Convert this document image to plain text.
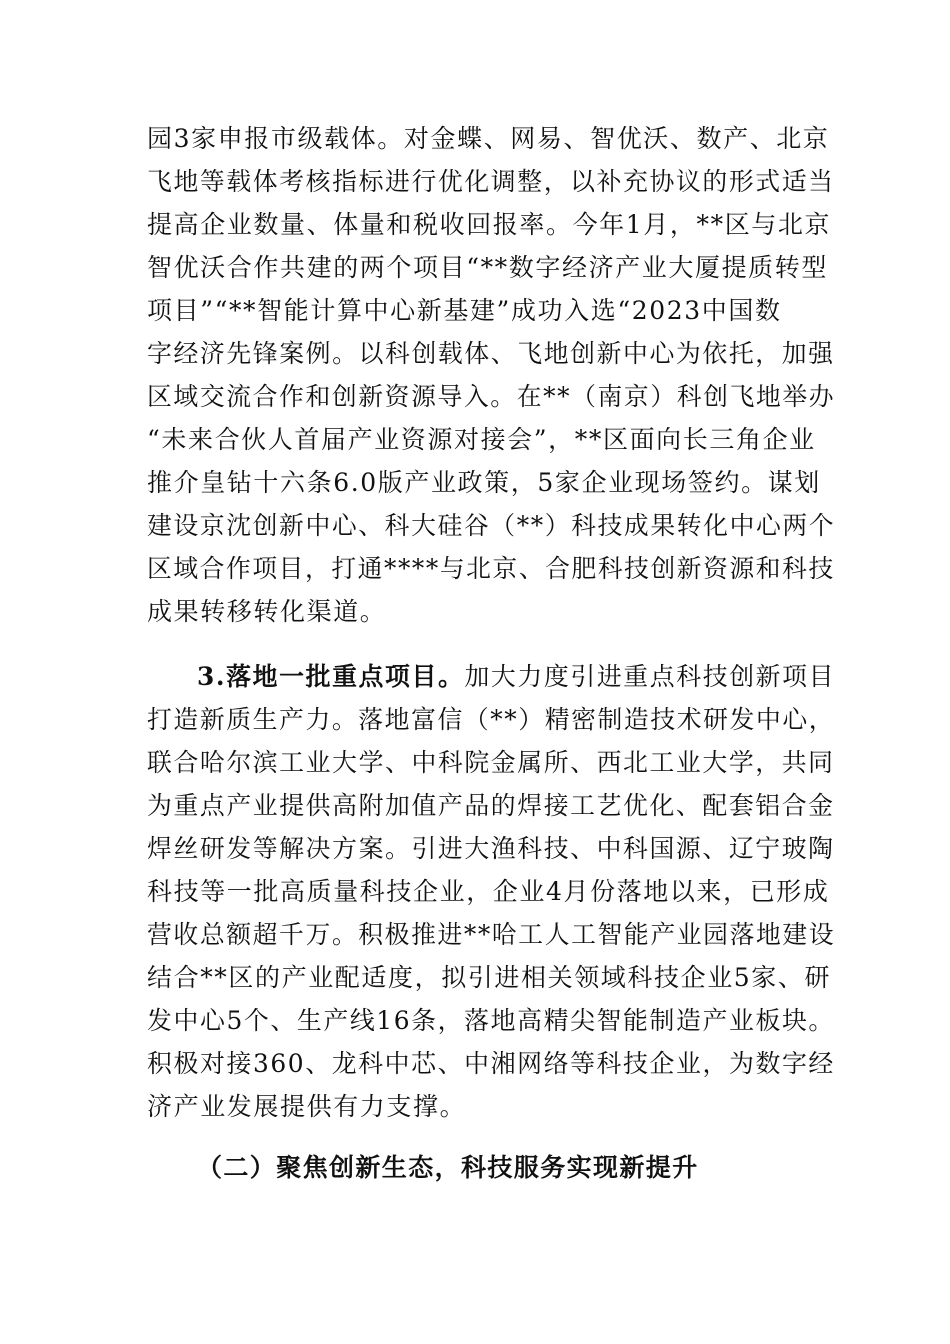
园3家申报市级载体。对金蝶、网易、智优沃、数产、北京
飞地等载体考核指标进行优化调整，以补充协议的形式适当
提高企业数量、体量和税收回报率。今年1月，**区与北京
智优沃合作共建的两个项目“**数字经济产业大厦提质转型
项目”“**智能计算中心新基建”成功入选“2023中国数
字经济先锋案例。以科创载体、飞地创新中心为依托，加强
区域交流合作和创新资源导入。在**（南京）科创飞地举办
“未来合伙人首届产业资源对接会”，**区面向长三角企业
推介皇钻十六条6.0版产业政策，5家企业现场签约。谋划
建设京沈创新中心、科大硅谷（**）科技成果转化中心两个
区域合作项目，打通****与北京、合肥科技创新资源和科技
成果转移转化渠道。
3.落地一批重点项目。加大力度引进重点科技创新项目
打造新质生产力。落地富信（**）精密制造技术研发中心，
联合哈尔滨工业大学、中科院金属所、西北工业大学，共同
为重点产业提供高附加值产品的焊接工艺优化、配套铝合金
焊丝研发等解决方案。引进大渔科技、中科国源、辽宁玻陶
科技等一批高质量科技企业，企业4月份落地以来，已形成
营收总额超千万。积极推进**哈工人工智能产业园落地建设
结合**区的产业配适度，拟引进相关领域科技企业5家、研
发中心5个、生产线16条，落地高精尖智能制造产业板块。
积极对接360、龙科中芯、中湘网络等科技企业，为数字经
济产业发展提供有力支撑。
（二）聚焦创新生态，科技服务实现新提升
